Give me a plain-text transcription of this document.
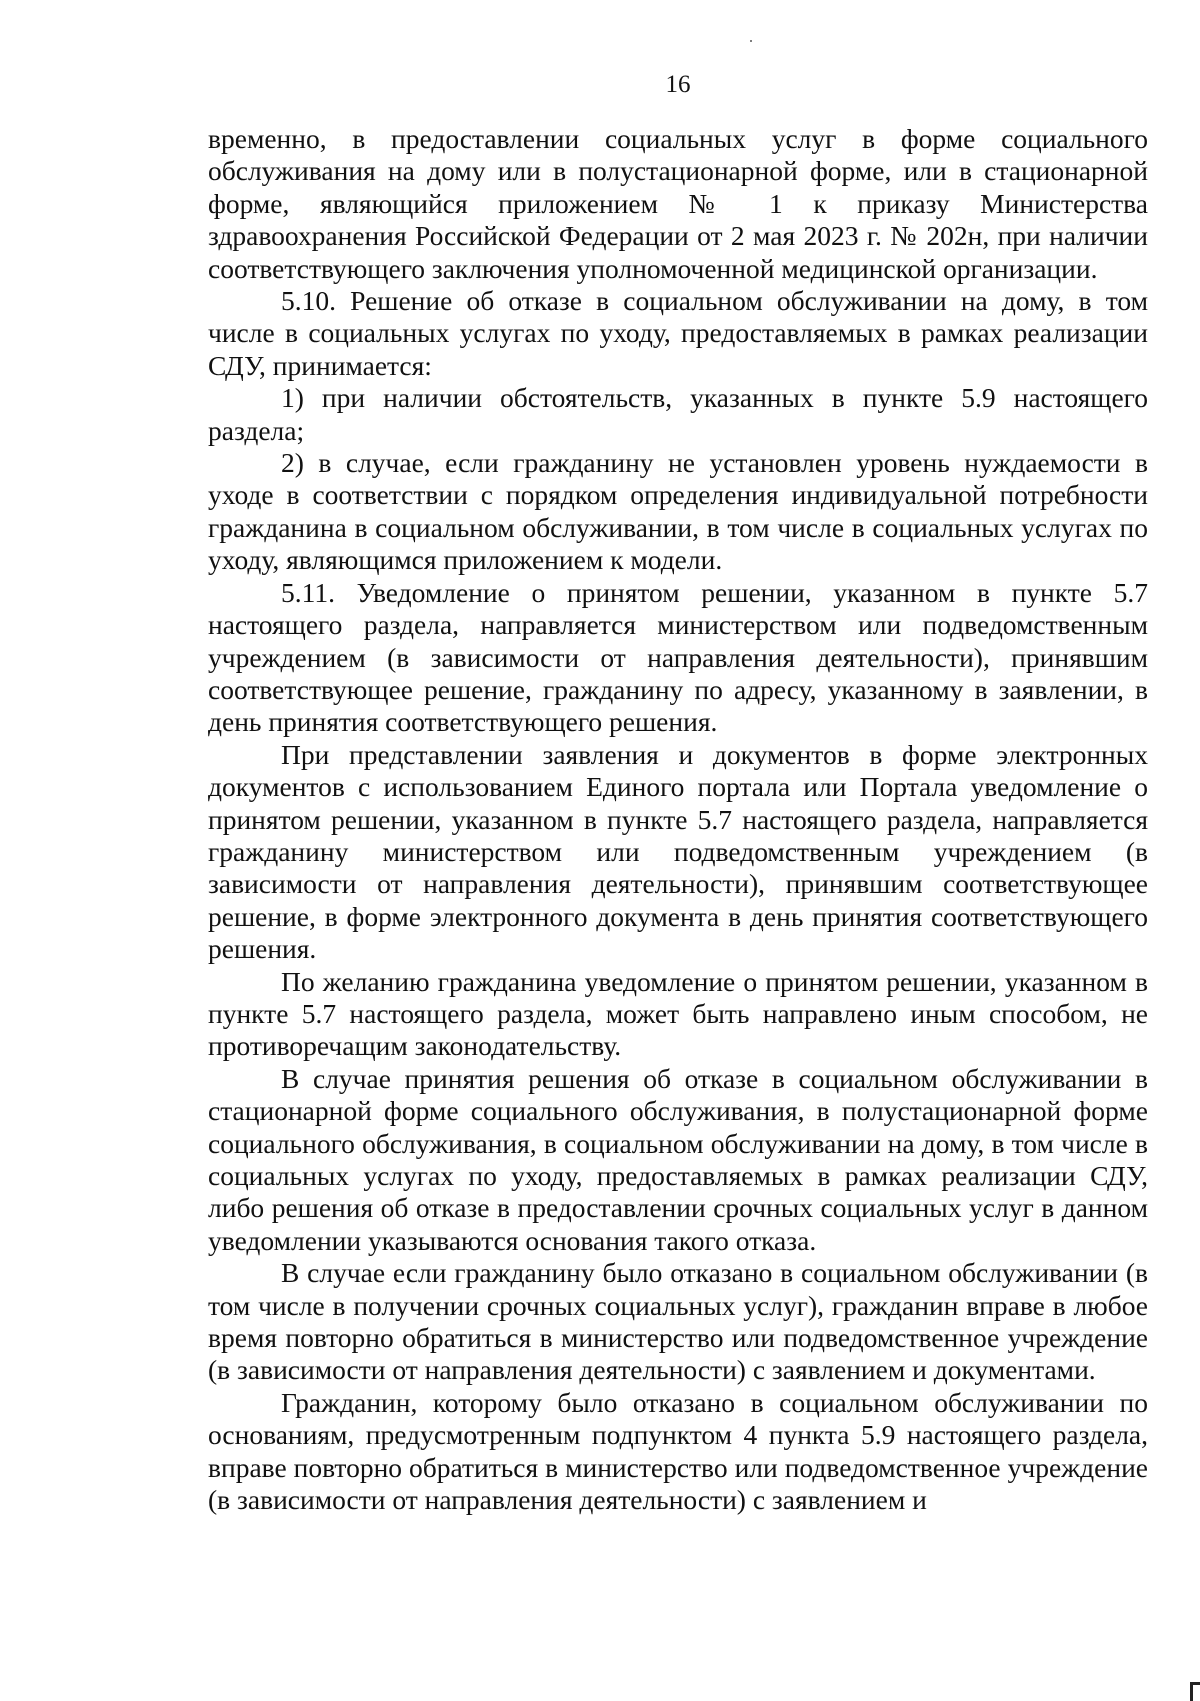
16

временно, в предоставлении социальных услуг в форме социального обслуживания на дому или в полустационарной форме, или в стационарной форме, являющийся приложением № 1 к приказу Министерства здравоохранения Российской Федерации от 2 мая 2023 г. № 202н, при наличии соответствующего заключения уполномоченной медицинской организации.

5.10. Решение об отказе в социальном обслуживании на дому, в том числе в социальных услугах по уходу, предоставляемых в рамках реализации СДУ, принимается:

1) при наличии обстоятельств, указанных в пункте 5.9 настоящего раздела;

2) в случае, если гражданину не установлен уровень нуждаемости в уходе в соответствии с порядком определения индивидуальной потребности гражданина в социальном обслуживании, в том числе в социальных услугах по уходу, являющимся приложением к модели.

5.11. Уведомление о принятом решении, указанном в пункте 5.7 настоящего раздела, направляется министерством или подведомственным учреждением (в зависимости от направления деятельности), принявшим соответствующее решение, гражданину по адресу, указанному в заявлении, в день принятия соответствующего решения.

При представлении заявления и документов в форме электронных документов с использованием Единого портала или Портала уведомление о принятом решении, указанном в пункте 5.7 настоящего раздела, направляется гражданину министерством или подведомственным учреждением (в зависимости от направления деятельности), принявшим соответствующее решение, в форме электронного документа в день принятия соответствующего решения.

По желанию гражданина уведомление о принятом решении, указанном в пункте 5.7 настоящего раздела, может быть направлено иным способом, не противоречащим законодательству.

В случае принятия решения об отказе в социальном обслуживании в стационарной форме социального обслуживания, в полустационарной форме социального обслуживания, в социальном обслуживании на дому, в том числе в социальных услугах по уходу, предоставляемых в рамках реализации СДУ, либо решения об отказе в предоставлении срочных социальных услуг в данном уведомлении указываются основания такого отказа.

В случае если гражданину было отказано в социальном обслуживании (в том числе в получении срочных социальных услуг), гражданин вправе в любое время повторно обратиться в министерство или подведомственное учреждение (в зависимости от направления деятельности) с заявлением и документами.

Гражданин, которому было отказано в социальном обслуживании по основаниям, предусмотренным подпунктом 4 пункта 5.9 настоящего раздела, вправе повторно обратиться в министерство или подведомственное учреждение (в зависимости от направления деятельности) с заявлением и
